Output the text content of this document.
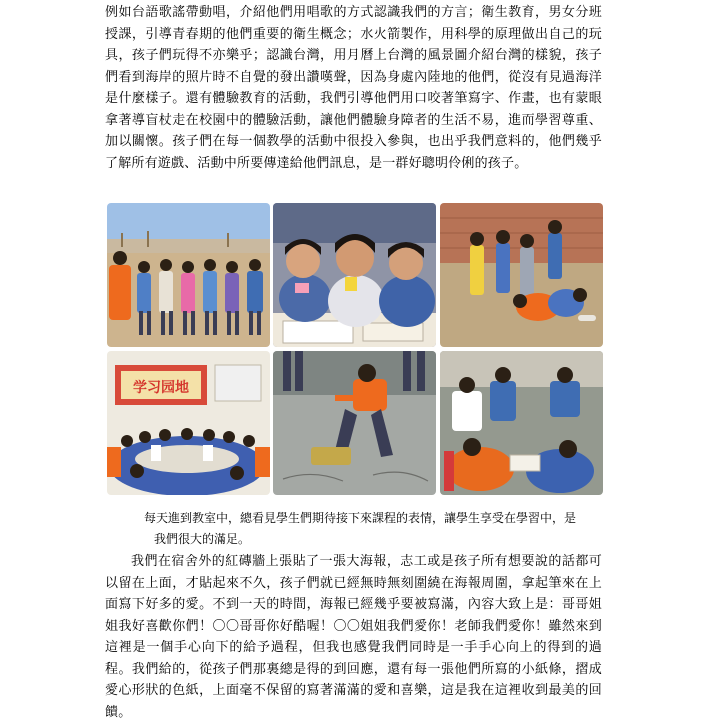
例如台語歌謠帶動唱，介紹他們用唱歌的方式認識我們的方言；衛生教育，男女分班授課，引導青春期的他們重要的衛生概念；水火箭製作，用科學的原理做出自己的玩具，孩子們玩得不亦樂乎；認識台灣，用月曆上台灣的風景圖介紹台灣的樣貌，孩子們看到海岸的照片時不自覺的發出讚嘆聲，因為身處內陸地的他們，從沒有見過海洋是什麼樣子。還有體驗教育的活動，我們引導他們用口咬著筆寫字、作畫，也有蒙眼拿著導盲杖走在校園中的體驗活動，讓他們體驗身障者的生活不易，進而學習尊重、加以關懷。孩子們在每一個教學的活動中很投入參與，也出乎我們意料的，他們幾乎了解所有遊戲、活動中所要傳達給他們訊息，是一群好聰明伶俐的孩子。

学习园地

每天進到教室中，總看見學生們期待接下來課程的表情，讓學生享受在學習中，是
我們很大的滿足。

我們在宿舍外的紅磚牆上張貼了一張大海報，志工或是孩子所有想要說的話都可以留在上面，才貼起來不久，孩子們就已經無時無刻圍繞在海報周圍，拿起筆來在上面寫下好多的愛。不到一天的時間，海報已經幾乎要被寫滿，內容大致上是：哥哥姐姐我好喜歡你們！〇〇哥哥你好酷喔！〇〇姐姐我們愛你！老師我們愛你！雖然來到這裡是一個手心向下的給予過程，但我也感覺我們同時是一手手心向上的得到的過程。我們給的，從孩子們那裏總是得的到回應，還有每一張他們所寫的小紙條，摺成愛心形狀的色紙，上面毫不保留的寫著滿滿的愛和喜樂，這是我在這裡收到最美的回饋。
